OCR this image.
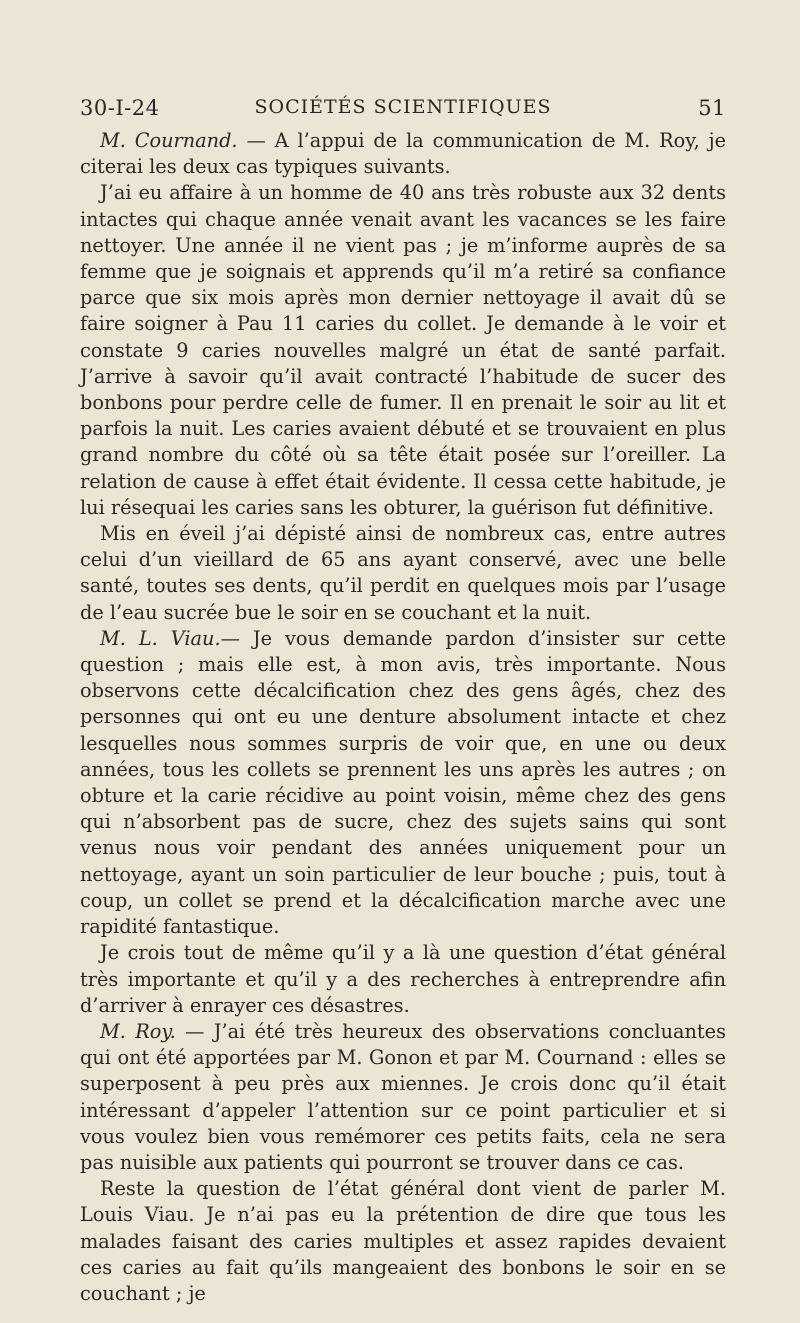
30-I-24	SOCIÉTÉS SCIENTIFIQUES	51

M. Cournand. — A l’appui de la communication de M. Roy, je citerai les deux cas typiques suivants.

J’ai eu affaire à un homme de 40 ans très robuste aux 32 dents intactes qui chaque année venait avant les vacances se les faire nettoyer. Une année il ne vient pas ; je m’informe auprès de sa femme que je soignais et apprends qu’il m’a retiré sa confiance parce que six mois après mon dernier nettoyage il avait dû se faire soigner à Pau 11 caries du collet. Je demande à le voir et constate 9 caries nouvelles malgré un état de santé parfait. J’arrive à savoir qu’il avait contracté l’habitude de sucer des bonbons pour perdre celle de fumer. Il en prenait le soir au lit et parfois la nuit. Les caries avaient débuté et se trouvaient en plus grand nombre du côté où sa tête était posée sur l’oreiller. La relation de cause à effet était évidente. Il cessa cette habitude, je lui résequai les caries sans les obturer, la guérison fut définitive.

Mis en éveil j’ai dépisté ainsi de nombreux cas, entre autres celui d’un vieillard de 65 ans ayant conservé, avec une belle santé, toutes ses dents, qu’il perdit en quelques mois par l’usage de l’eau sucrée bue le soir en se couchant et la nuit.

M. L. Viau.— Je vous demande pardon d’insister sur cette question ; mais elle est, à mon avis, très importante. Nous observons cette décalcification chez des gens âgés, chez des personnes qui ont eu une denture absolument intacte et chez lesquelles nous sommes surpris de voir que, en une ou deux années, tous les collets se prennent les uns après les autres ; on obture et la carie récidive au point voisin, même chez des gens qui n’absorbent pas de sucre, chez des sujets sains qui sont venus nous voir pendant des années uniquement pour un nettoyage, ayant un soin particulier de leur bouche ; puis, tout à coup, un collet se prend et la décalcification marche avec une rapidité fantastique.

Je crois tout de même qu’il y a là une question d’état général très importante et qu’il y a des recherches à entreprendre afin d’arriver à enrayer ces désastres.

M. Roy. — J’ai été très heureux des observations concluantes qui ont été apportées par M. Gonon et par M. Cournand : elles se superposent à peu près aux miennes. Je crois donc qu’il était intéressant d’appeler l’attention sur ce point particulier et si vous voulez bien vous remémorer ces petits faits, cela ne sera pas nuisible aux patients qui pourront se trouver dans ce cas.

Reste la question de l’état général dont vient de parler M. Louis Viau. Je n’ai pas eu la prétention de dire que tous les malades faisant des caries multiples et assez rapides devaient ces caries au fait qu’ils mangeaient des bonbons le soir en se couchant ; je
